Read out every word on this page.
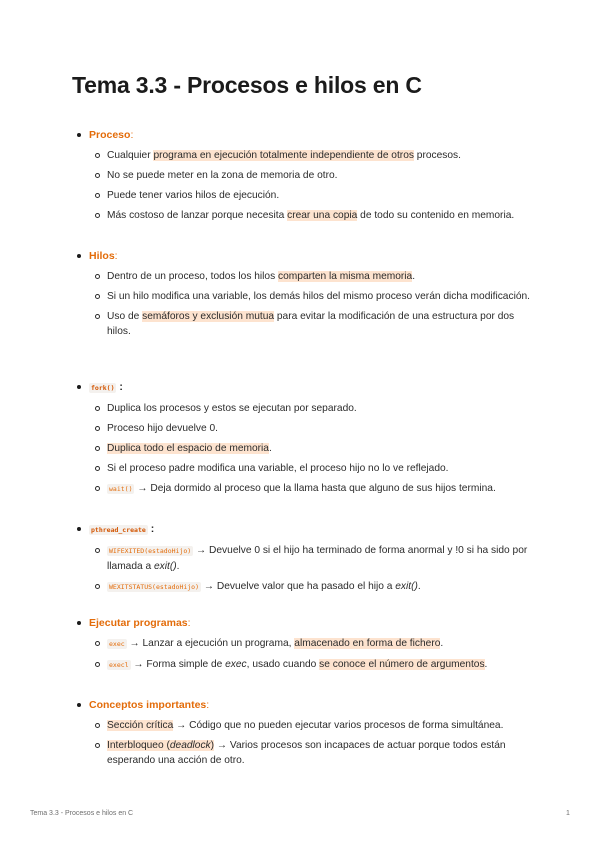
Tema 3.3 - Procesos e hilos en C
Proceso:
Cualquier programa en ejecución totalmente independiente de otros procesos.
No se puede meter en la zona de memoria de otro.
Puede tener varios hilos de ejecución.
Más costoso de lanzar porque necesita crear una copia de todo su contenido en memoria.
Hilos:
Dentro de un proceso, todos los hilos comparten la misma memoria.
Si un hilo modifica una variable, los demás hilos del mismo proceso verán dicha modificación.
Uso de semáforos y exclusión mutua para evitar la modificación de una estructura por dos hilos.
fork() :
Duplica los procesos y estos se ejecutan por separado.
Proceso hijo devuelve 0.
Duplica todo el espacio de memoria.
Si el proceso padre modifica una variable, el proceso hijo no lo ve reflejado.
wait() → Deja dormido al proceso que la llama hasta que alguno de sus hijos termina.
pthread_create :
WIFEXITED(estadoHijo) → Devuelve 0 si el hijo ha terminado de forma anormal y !0 si ha sido por llamada a exit().
WEXITSTATUS(estadoHijo) → Devuelve valor que ha pasado el hijo a exit().
Ejecutar programas:
exec → Lanzar a ejecución un programa, almacenado en forma de fichero.
execl → Forma simple de exec, usado cuando se conoce el número de argumentos.
Conceptos importantes:
Sección crítica → Código que no pueden ejecutar varios procesos de forma simultánea.
Interbloqueo (deadlock) → Varios procesos son incapaces de actuar porque todos están esperando una acción de otro.
Tema 3.3 - Procesos e hilos en C	1
